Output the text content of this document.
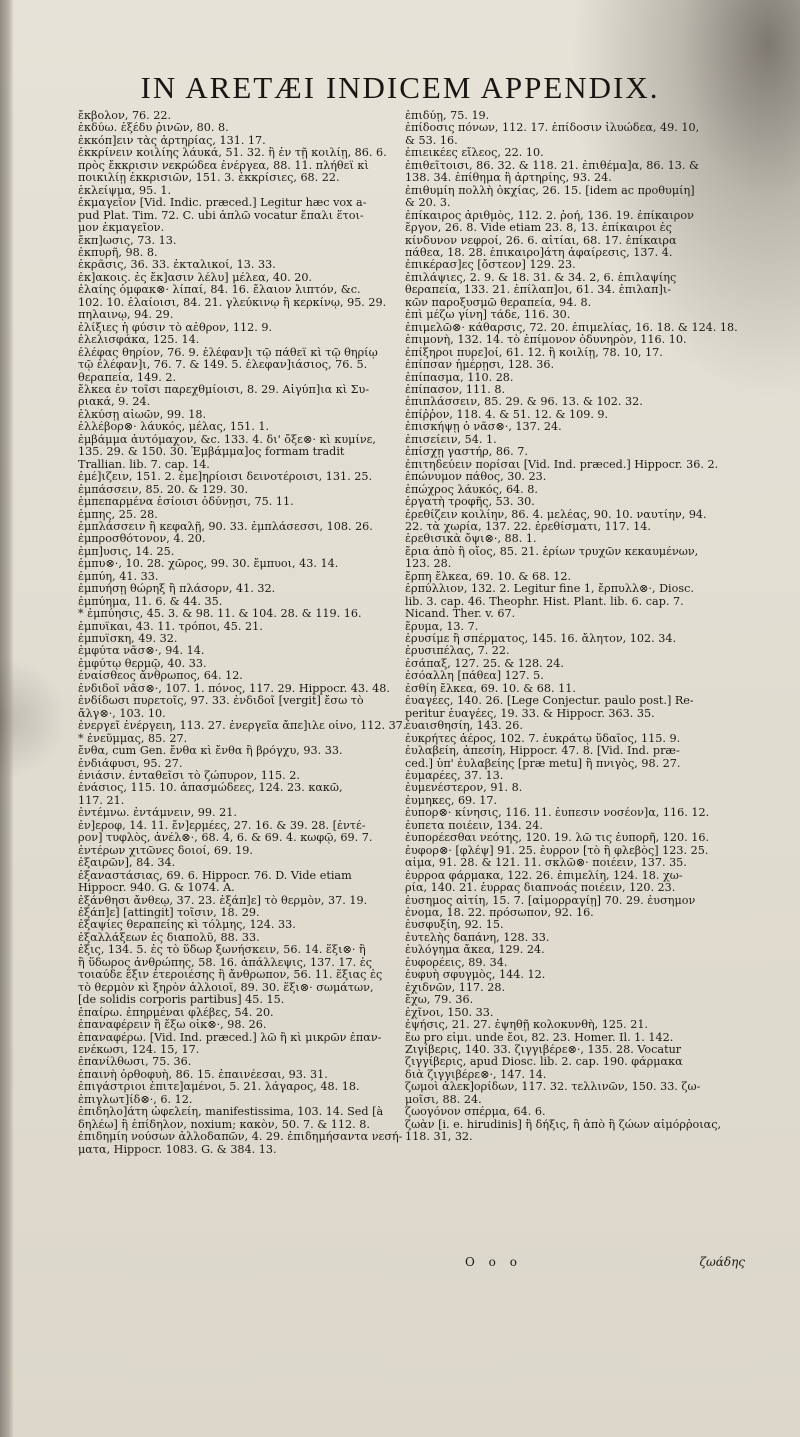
IN ARETÆI INDICEM APPENDIX.
ἔκβολον, 76. 22.
ἐκδύω. ἐξέδυ ῥινῶν, 80. 8.
ἐκκόπ]ειν τὰς ἀρτηρίας, 131. 17.
ἐκκρίνειν κοιλίης λάυκά, 51. 32. ἢ ἐν τῇ κοιλίῃ, 86. 6.
πρὸς ἔκκρισιν νεκρώδεα ἐνέργεα, 88. 11. πλήθεϊ κὶ
ποικιλίῃ ἐκκρισιῶν, 151. 3. ἐκκρίσιες, 68. 22.
ἐκλείψμα, 95. 1.
ἐκμαγεῖον [Vid. Indic. præced.] Legitur hæc vox a-
pud Plat. Tim. 72. C. ubi ἁπλῶ vocatur ἔπαλι ἕτοι-
μον ἐκμαγεῖον.
ἔκπ]ωσις, 73. 13.
ἐκπυρῆ, 98. 8.
ἐκρᾶσις, 36. 33. ἐκταλικοί, 13. 33.
ἐκ]ακοις. ἐς ἔκ]ασιν λέλυ] μέλεα, 40. 20.
ἐλαίης ὀμφακ⊗· λίπαί, 84. 16. ἔλαιον λιπτόν, &c.
102. 10. ἐλαίοισι, 84. 21. γλεύκινῳ ἢ κερκίνῳ, 95. 29.
πηλαινῳ, 94. 29.
ἐλίξιες ἡ φύσιν τὸ αἐθρον, 112. 9.
ἐλελισφάκα, 125. 14.
ἐλέφας θηρίον, 76. 9. ἐλέφαν]ι τῷ πάθεϊ κὶ τῷ θηρίῳ
τῷ ἐλέφαν]ι, 76. 7. & 149. 5. ἐλεφαν]ιάσιος, 76. 5.
θεραπεία, 149. 2.
ἔλκεα ἐν τοῖσι παρεχθμίοισι, 8. 29. Αἰγύπ]ια κὶ Συ-
ριακά, 9. 24.
ἐλκύσῃ αἰωῶν, 99. 18.
ἐλλέβορ⊗· λάυκός, μέλας, 151. 1.
ἐμβάμμα ἀυτόμαχον, &c. 133. 4. δι' ὄξε⊗· κὶ κυμίνε,
135. 29. & 150. 30. Ἐμβάμμα]ος formam tradit
Trallian. lib. 7. cap. 14.
ἐμέ]ιζειν, 151. 2. ἐμε]ηρίοισι δεινοτέροισι, 131. 25.
ἐμπάσσειν, 85. 20. & 129. 30.
ἐμπεπαρμένα ἐσίοισι ὀδύνῃσι, 75. 11.
ἐμπης, 25. 28.
ἐμπλάσσειν ἢ κεφαλῇ, 90. 33. ἐμπλάσεσσι, 108. 26.
ἐμπροσθότονον, 4. 20.
ἐμπ]υσις, 14. 25.
ἐμπυ⊗·, 10. 28. χῶρος, 99. 30. ἔμπυοι, 43. 14.
ἐμπύη, 41. 33.
ἐμπυήσῃ θώρηξ ἢ πλάσορν, 41. 32.
ἐμπύημα, 11. 6. & 44. 35.
* ἐμπύησις, 45. 3. & 98. 11. & 104. 28. & 119. 16.
ἐμπυΐκαι, 43. 11. τρόποι, 45. 21.
ἐμπυΐσκη, 49. 32.
ἐμφύτα νᾶσ⊗·, 94. 14.
ἐμφύτῳ θερμῷ, 40. 33.
ἐναίσθεος ἄνθρωπος, 64. 12.
ἐνδιδοῖ νᾶσ⊗·, 107. 1. πόνος, 117. 29. Hippocr. 43. 48.
ἐνδίδωσι πυρετοῖς, 97. 33. ἐνδιδοῖ [vergit] ἔσω τὸ
ἄλγ⊗·, 103. 10.
ἐνεργεῖ ἐνέργειη, 113. 27. ἐνεργεῖα ἄπε]ιλε οἶνο, 112. 37.
* ἐνεῦμμας, 85. 27.
ἔνθα, cum Gen. ἔνθα κὶ ἔνθα ἢ βρόγχυ, 93. 33.
ἐνδιάφυσι, 95. 27.
ἐνιάσιν. ἐνταθεῖσι τὸ ζώπυρον, 115. 2.
ἐνάσιος, 115. 10. ἀπασμώδεες, 124. 23. κακῶ,
117. 21.
ἐντέμνω. ἐντάμνειν, 99. 21.
ἐν]εροφ, 14. 11. ἔν]ερμέες, 27. 16. & 39. 28. [ἐντέ-
ρον] τυφλὸς, ἀνέλ⊗·, 68. 4, 6. & 69. 4. κωφῷ, 69. 7.
ἐντέρων χιτῶνες δοιοί, 69. 19.
ἐξαιρῶν], 84. 34.
ἐξαναστάσιας, 69. 6. Hippocr. 76. D. Vide etiam
Hippocr. 940. G. & 1074. A.
ἐξάνθησι ἄνθεῳ, 37. 23. ἐξάπ]ε] τὸ θερμὸν, 37. 19.
ἐξάπ]ε] [attingit] τοῖσιν, 18. 29.
ἐξαψίες θεραπείης κὶ τόλμης, 124. 33.
ἐξαλλάξεων ἐς διαπολῦ, 88. 33.
ἐξις, 134. 5. ἐς τὸ ὕδωρ ξωνήσκειν, 56. 14. ἕξι⊗· ἢ
ἢ ὕδωρος ἀνθρώπης, 58. 16. ἀπάλλεψις, 137. 17. ἐς
τοιαύδε ἕξιν ἐτεροιέσης ἢ ἄνθρωπον, 56. 11. ἕξιας ἐς
τὸ θερμὸν κὶ ξηρὸν ἀλλοιοῖ, 89. 30. ἕξι⊗· σωμάτων,
[de solidis corporis partibus] 45. 15.
ἐπαίρω. ἐπηρμέναι φλέβες, 54. 20.
ἐπαναφέρειν ἢ ἔξω οἶκ⊗·, 98. 26.
ἐπαναφέρω. [Vid. Ind. præced.] λῶ ἢ κὶ μικρῶν ἐπαν-
ενέκωσι, 124. 15, 17.
ἐπανίλθωσι, 75. 36.
ἐπαινὴ ὀρθοφυὴ, 86. 15. ἐπαινέεσαι, 93. 31.
ἐπιγάστριοι ἐπιτε]αμένοι, 5. 21. λάγαρος, 48. 18.
ἐπιγλωτ]ίδ⊗·, 6. 12.
ἐπιδηλο]άτη ὠφελείη, manifestissima, 103. 14. Sed [à
δηλέω] ἢ ἐπίδηλον, noxium; κακὸν, 50. 7. & 112. 8.
ἐπιδημίη νούσων ἀλλοδαπῶν, 4. 29. ἐπιδημήσαντα νεσή-
ματα, Hippocr. 1083. G. & 384. 13.
ἐπιδύῃ, 75. 19.
ἐπίδοσις πόνων, 112. 17. ἐπίδοσιν ἰλυώδεα, 49. 10,
& 53. 16.
ἐπιεικέες εἴλεος, 22. 10.
ἐπιθεῖτοισι, 86. 32. & 118. 21. ἐπιθέμα]α, 86. 13. &
138. 34. ἐπίθημα ἢ ἀρτηρίης, 93. 24.
ἐπιθυμίη πολλὴ ὀκχίας, 26. 15. [idem ac προθυμίη]
& 20. 3.
ἐπίκαιρος ἀριθμὸς, 112. 2. ῥοή, 136. 19. ἐπίκαιρον
ἔργον, 26. 8. Vide etiam 23. 8, 13. ἐπίκαιροι ἐς
κίνδυνον νεφροί, 26. 6. αἰτίαι, 68. 17. ἐπίκαιρα
πάθεα, 18. 28. ἐπικαιρο]άτη ἀφαίρεσις, 137. 4.
ἐπικέρασ]ες [ὄστεον] 129. 23.
ἐπιλάψιες, 2. 9. & 18. 31. & 34. 2, 6. ἐπιλαψίης
θεραπεία, 133. 21. ἐπίλαπ]οι, 61. 34. ἐπιλαπ]ι-
κῶν παροξυσμῶ θεραπεία, 94. 8.
ἐπὶ μέζω γίνη] τάδε, 116. 30.
ἐπιμελῶ⊗· κάθαρσις, 72. 20. ἐπιμελίας, 16. 18. & 124. 18.
ἐπιμονὴ, 132. 14. τὸ ἐπίμονον ὀδυνηρὸν, 116. 10.
ἐπίξηροι πυρε]οί, 61. 12. ἢ κοιλίῃ, 78. 10, 17.
ἐπίπσαν ἡμέρῃσι, 128. 36.
ἐπίπασμα, 110. 28.
ἐπίπασον, 111. 8.
ἐπιπλάσσειν, 85. 29. & 96. 13. & 102. 32.
ἐπίῤῥον, 118. 4. & 51. 12. & 109. 9.
ἐπισκήψῃ ὁ νᾶσ⊗·, 137. 24.
ἐπισείειν, 54. 1.
ἐπίσχῃ γαστήρ, 86. 7.
ἐπιτηδεύειν πορίσαι [Vid. Ind. præced.] Hippocr. 36. 2.
ἐπώνυμον πάθος, 30. 23.
ἐπώχρος λάυκός, 64. 8.
ἐργατὴ τροφῆς, 53. 30.
ἐρεθίζειν κοιλίην, 86. 4. μελέας, 90. 10. ναυτίην, 94.
22. τὰ χωρία, 137. 22. ἐρεθίσματι, 117. 14.
ἐρεθισικὰ ὄψι⊗·, 88. 1.
ἔρια ἀπὸ ἢ οἴος, 85. 21. ἐρίων τρυχῶν κεκαυμένων,
123. 28.
ἔρπη ἔλκεα, 69. 10. & 68. 12.
ἐρπύλλιον, 132. 2. Legitur fine 1, ἔρπυλλ⊗·, Diosc.
lib. 3. cap. 46. Theophr. Hist. Plant. lib. 6. cap. 7.
Nicand. Ther. v. 67.
ἔρυμα, 13. 7.
ἐρυσίμε ἢ σπέρματος, 145. 16. ἄλητον, 102. 34.
ἐρυσιπέλας, 7. 22.
ἐσάπαξ, 127. 25. & 128. 24.
ἐσόαλλη [πάθεα] 127. 5.
ἐσθίη ἔλκεα, 69. 10. & 68. 11.
ἐυαγέες, 140. 26. [Lege Conjectur. paulo post.] Re-
peritur ἐυαγέες, 19. 33. & Hippocr. 363. 35.
ἐυαισθησίη, 143. 26.
ἐυκρήτες ἀέρος, 102. 7. ἐυκράτῳ ὕδαῖος, 115. 9.
ἐυλαβείη, ἀπεσίη, Hippocr. 47. 8. [Vid. Ind. præ-
ced.] ὑπ' ἐυλαβείης [præ metu] ἢ πνιγὸς, 98. 27.
ἐυμαρέες, 37. 13.
ἐυμενέστερον, 91. 8.
ἐυμηκες, 69. 17.
ἐυπορ⊗· κίνησις, 116. 11. ἐυπεσιν νοσέον]α, 116. 12.
ἐυπετα ποιέειν, 134. 24.
ἐυπορέεσθαι νεότης, 120. 19. λῶ τις ἐυπορῆ, 120. 16.
ἐυφορ⊗· [φλέψ] 91. 25. ἐυρρον [τὸ ἢ φλεβὸς] 123. 25.
αἷμα, 91. 28. & 121. 11. σκλῶ⊗· ποιέειν, 137. 35.
ἐυρροα φάρμακα, 122. 26. ἐπιμελίη, 124. 18. χω-
ρία, 140. 21. ἐυρρας διαπνοάς ποιέειν, 120. 23.
ἐυσημος αἰτίη, 15. 7. [αἱμορραγίῃ] 70. 29. ἐυσημον
ἐνομα, 18. 22. πρόσωπον, 92. 16.
ἐυσφυξίη, 92. 15.
ἐυτελὴς δαπάνη, 128. 33.
ἐυλόγημα ἄκεα, 129. 24.
ἐυφορέεις, 89. 34.
ἐυφυὴ σφυγμὸς, 144. 12.
ἐχιδνῶν, 117. 28.
ἔχω, 79. 36.
ἐχῖνοι, 150. 33.
ἐψήσις, 21. 27. ἐψηθῇ κολοκυνθὴ, 125. 21.
ἔω pro εἶμι. unde ἔοι, 82. 23. Homer. Il. 1. 142.
Ζιγίβερις, 140. 33. ζιγγιβέρε⊗·, 135. 28. Vocatur
ζιγγίβερις, apud Diosc. lib. 2. cap. 190. φάρμακα
διὰ ζιγγιβέρε⊗·, 147. 14.
ζωμοὶ ἀλεκ]ορίδων, 117. 32. τελλινῶν, 150. 33. ζω-
μοῖσι, 88. 24.
ζωογόνον σπέρμα, 64. 6.
ζωὰν [i. e. hirudinis] ἢ δήξις, ἢ ἀπὸ ἢ ζώων αἱμόρῤοιας,
118. 31, 32.
O o o	ζωάδης
